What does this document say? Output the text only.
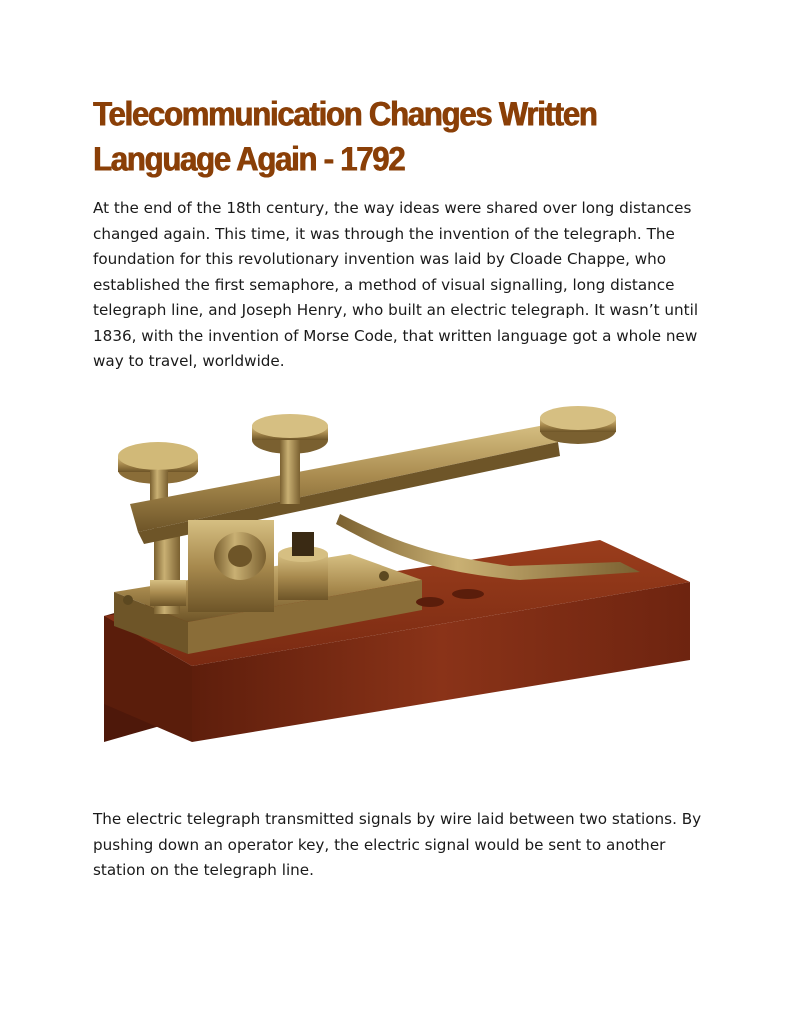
Telecommunication Changes Written Language Again - 1792

At the end of the 18th century, the way ideas were shared over long distances changed again. This time, it was through the invention of the telegraph. The foundation for this revolutionary invention was laid by Cloade Chappe, who established the first semaphore, a method of visual signalling, long distance telegraph line, and Joseph Henry, who built an electric telegraph. It wasn’t until 1836, with the invention of Morse Code, that written language got a whole new way to travel, worldwide.

The electric telegraph transmitted signals by wire laid between two stations. By pushing down an operator key, the electric signal would be sent to another station on the telegraph line.
